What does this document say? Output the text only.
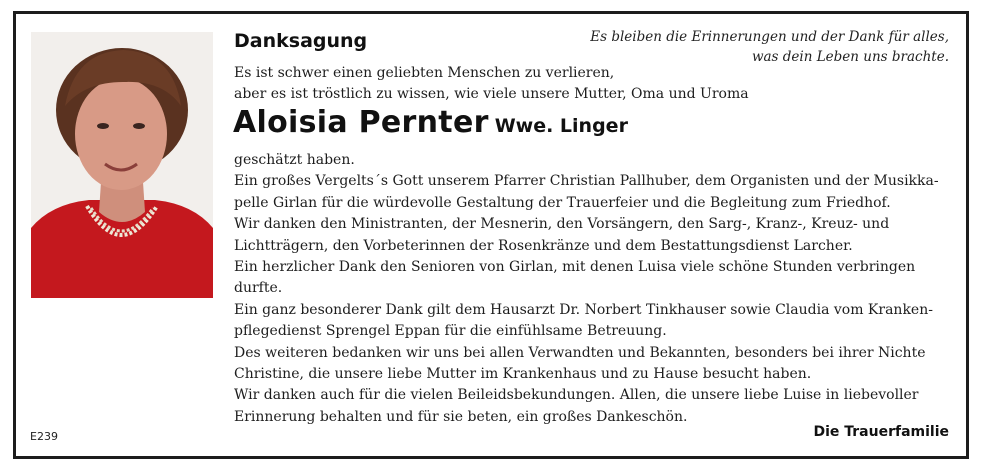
E239
Danksagung	Es bleiben die Erinnerungen und der Dank für alles,
was dein Leben uns brachte.
Es ist schwer einen geliebten Menschen zu verlieren,
aber es ist tröstlich zu wissen, wie viele unsere Mutter, Oma und Uroma
Aloisia Pernter Wwe. Linger
geschätzt haben.
Ein großes Vergelts´s Gott unserem Pfarrer Christian Pallhuber, dem Organisten und der Musikka-
pelle Girlan für die würdevolle Gestaltung der Trauerfeier und die Begleitung zum Friedhof.
Wir danken den Ministranten, der Mesnerin, den Vorsängern, den Sarg-, Kranz-, Kreuz- und
Lichtträgern, den Vorbeterinnen der Rosenkränze und dem Bestattungsdienst Larcher.
Ein herzlicher Dank den Senioren von Girlan, mit denen Luisa viele schöne Stunden verbringen
durfte.
Ein ganz besonderer Dank gilt dem Hausarzt Dr. Norbert Tinkhauser sowie Claudia vom Kranken-
pflegedienst Sprengel Eppan für die einfühlsame Betreuung.
Des weiteren bedanken wir uns bei allen Verwandten und Bekannten, besonders bei ihrer Nichte
Christine, die unsere liebe Mutter im Krankenhaus und zu Hause besucht haben.
Wir danken auch für die vielen Beileidsbekundungen. Allen, die unsere liebe Luise in liebevoller
Erinnerung behalten und für sie beten, ein großes Dankeschön.
Die Trauerfamilie
